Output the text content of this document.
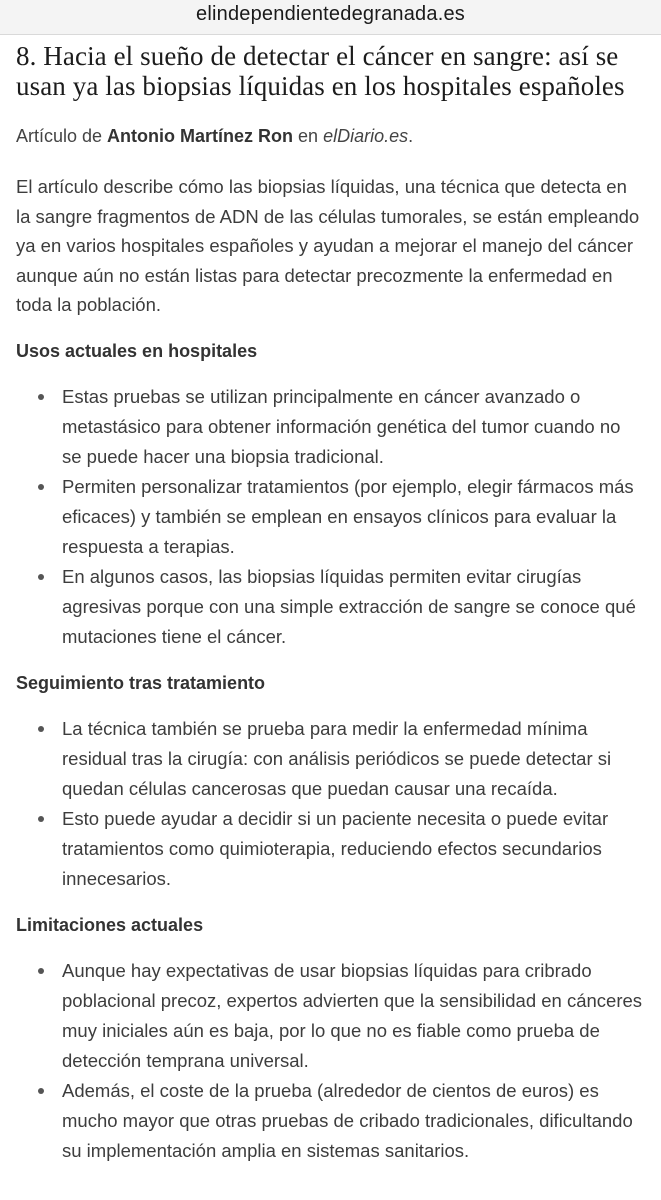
elindependientedegranada.es
8. Hacia el sueño de detectar el cáncer en sangre: así se usan ya las biopsias líquidas en los hospitales españoles
Artículo de Antonio Martínez Ron en elDiario.es.

El artículo describe cómo las biopsias líquidas, una técnica que detecta en la sangre fragmentos de ADN de las células tumorales, se están empleando ya en varios hospitales españoles y ayudan a mejorar el manejo del cáncer aunque aún no están listas para detectar precozmente la enfermedad en toda la población.

Usos actuales en hospitales
Estas pruebas se utilizan principalmente en cáncer avanzado o metastásico para obtener información genética del tumor cuando no se puede hacer una biopsia tradicional.
Permiten personalizar tratamientos (por ejemplo, elegir fármacos más eficaces) y también se emplean en ensayos clínicos para evaluar la respuesta a terapias.
En algunos casos, las biopsias líquidas permiten evitar cirugías agresivas porque con una simple extracción de sangre se conoce qué mutaciones tiene el cáncer.
Seguimiento tras tratamiento
La técnica también se prueba para medir la enfermedad mínima residual tras la cirugía: con análisis periódicos se puede detectar si quedan células cancerosas que puedan causar una recaída.
Esto puede ayudar a decidir si un paciente necesita o puede evitar tratamientos como quimioterapia, reduciendo efectos secundarios innecesarios.
Limitaciones actuales
Aunque hay expectativas de usar biopsias líquidas para cribrado poblacional precoz, expertos advierten que la sensibilidad en cánceres muy iniciales aún es baja, por lo que no es fiable como prueba de detección temprana universal.
Además, el coste de la prueba (alrededor de cientos de euros) es mucho mayor que otras pruebas de cribado tradicionales, dificultando su implementación amplia en sistemas sanitarios.
